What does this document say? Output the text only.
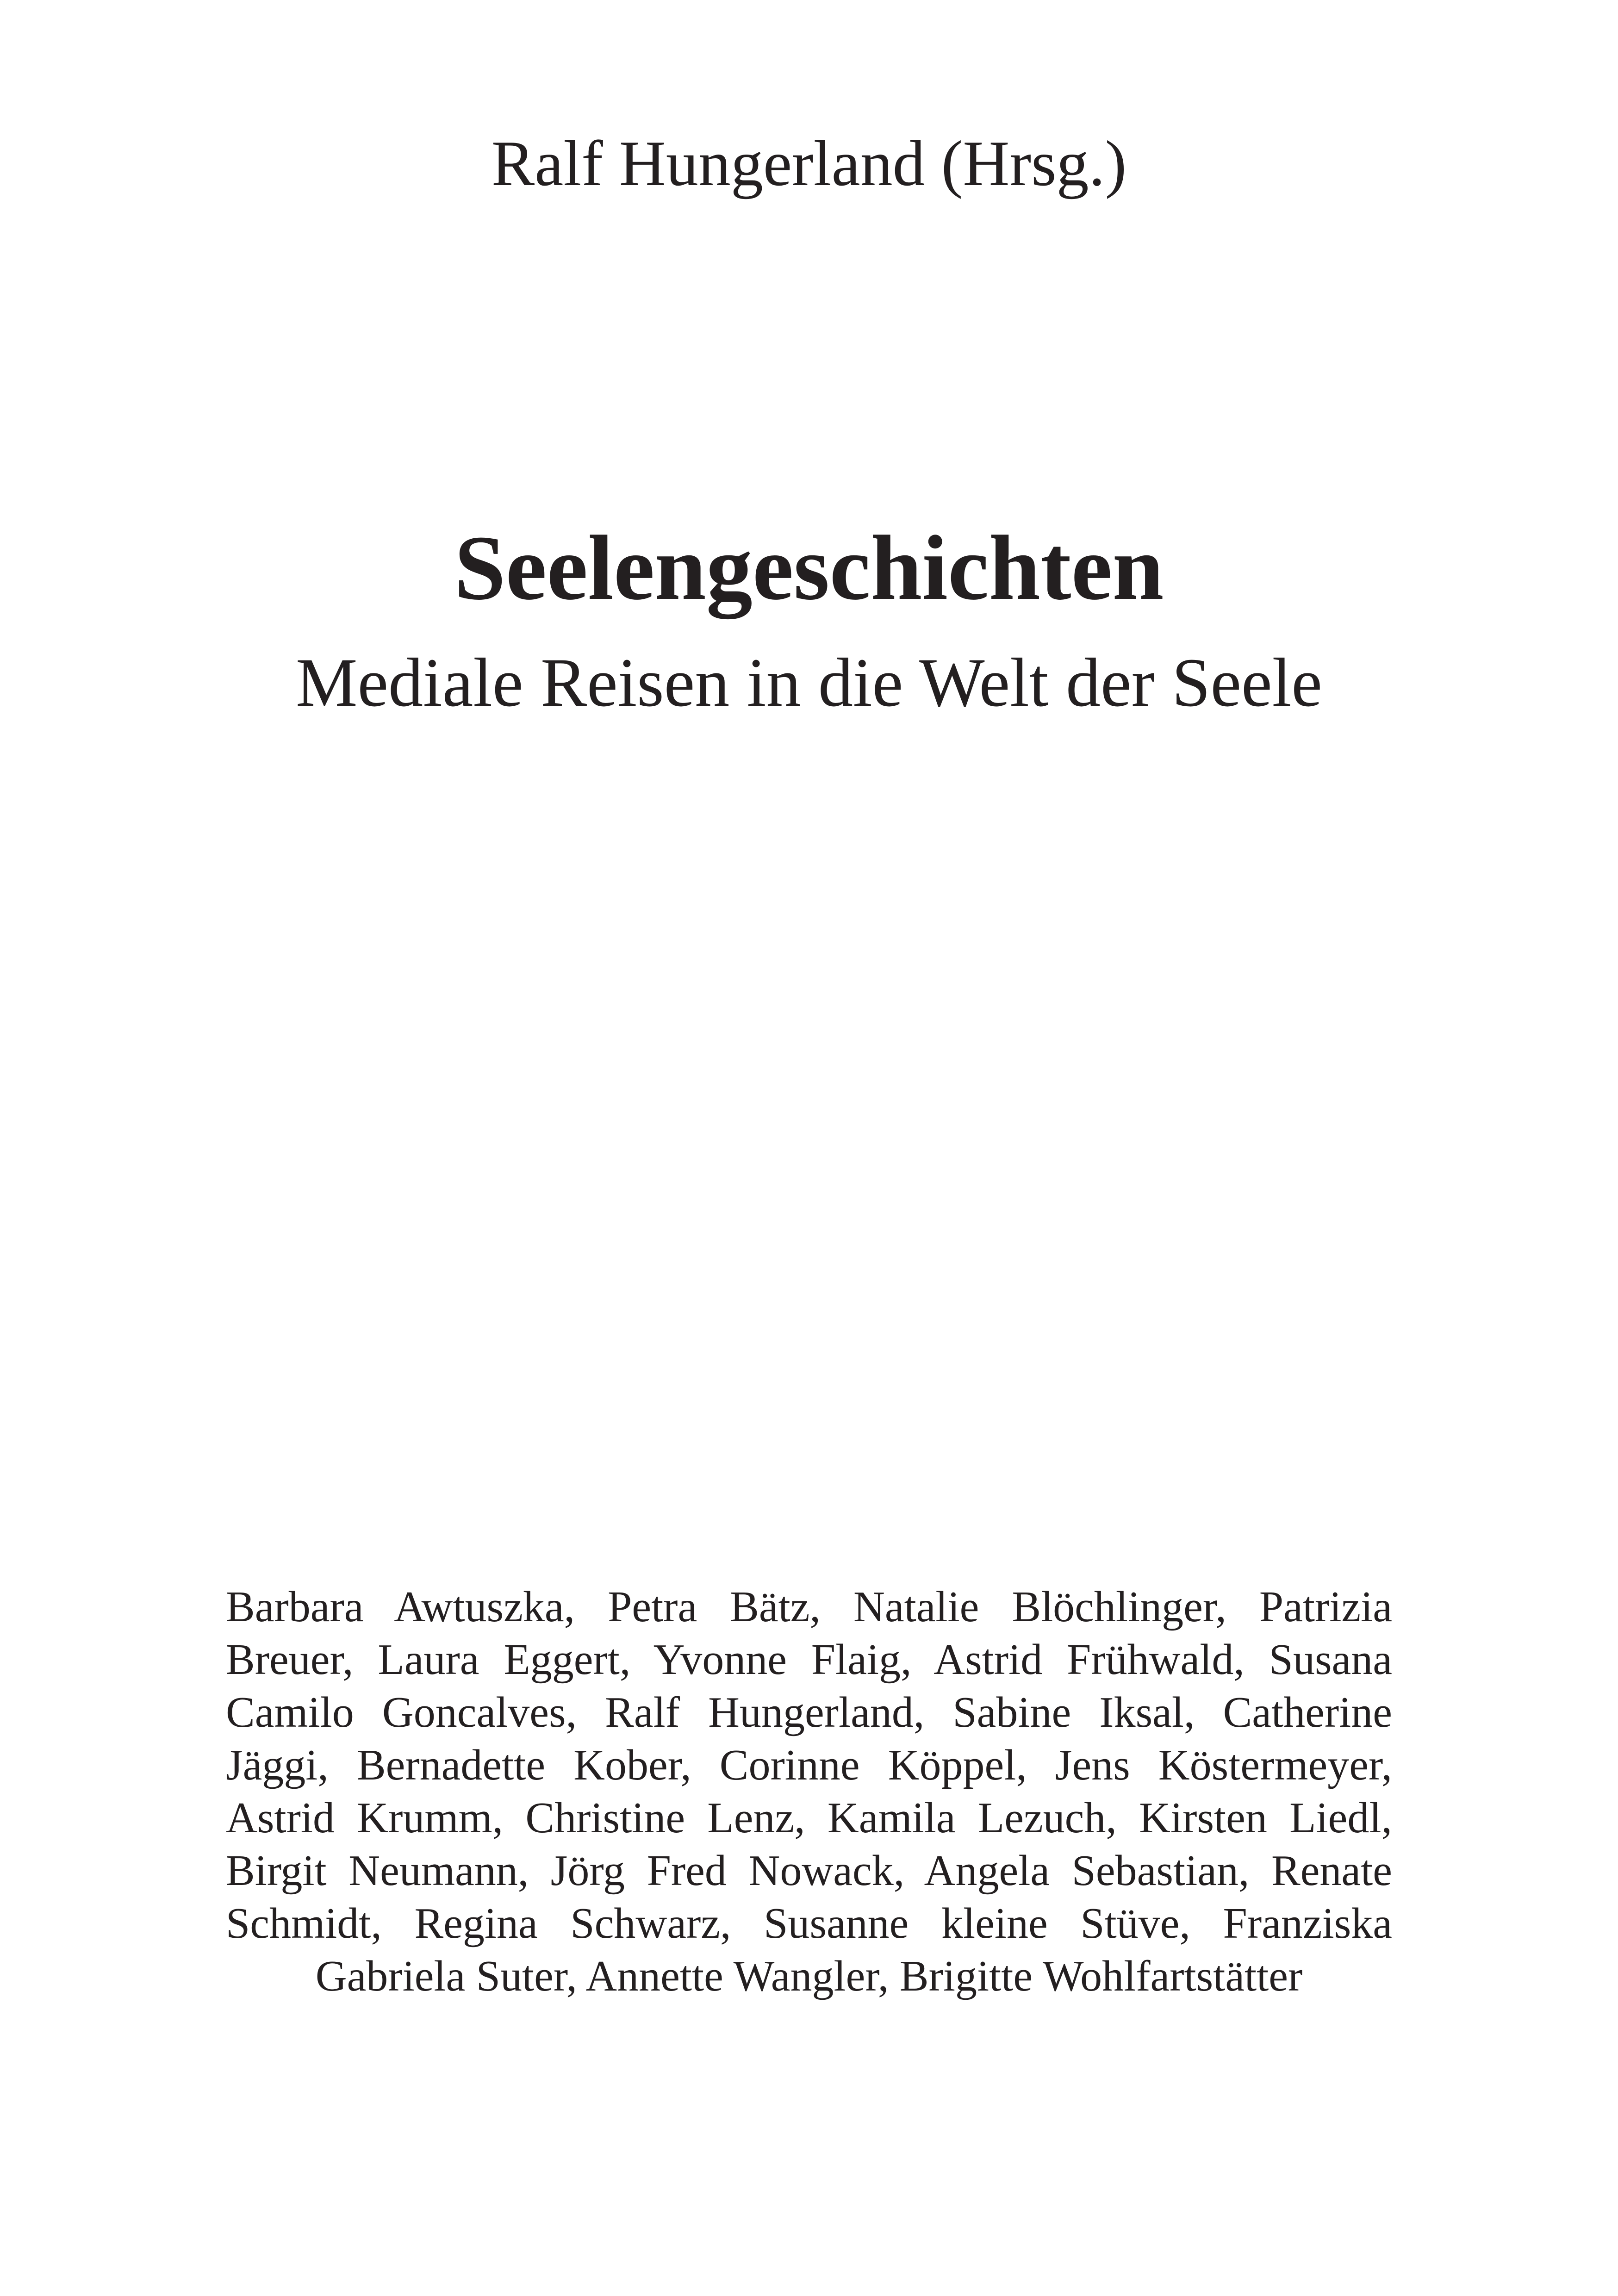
Ralf Hungerland (Hrsg.)
Seelengeschichten
Mediale Reisen in die Welt der Seele
Barbara Awtuszka, Petra Bätz, Natalie Blöchlinger, Patrizia
Breuer, Laura Eggert, Yvonne Flaig, Astrid Frühwald, Susana
Camilo Goncalves, Ralf Hungerland, Sabine Iksal, Catherine
Jäggi, Bernadette Kober, Corinne Köppel, Jens Köstermeyer,
Astrid Krumm, Christine Lenz, Kamila Lezuch, Kirsten Liedl,
Birgit Neumann, Jörg Fred Nowack, Angela Sebastian, Renate
Schmidt, Regina Schwarz, Susanne kleine Stüve, Franziska
Gabriela Suter, Annette Wangler, Brigitte Wohlfartstätter
